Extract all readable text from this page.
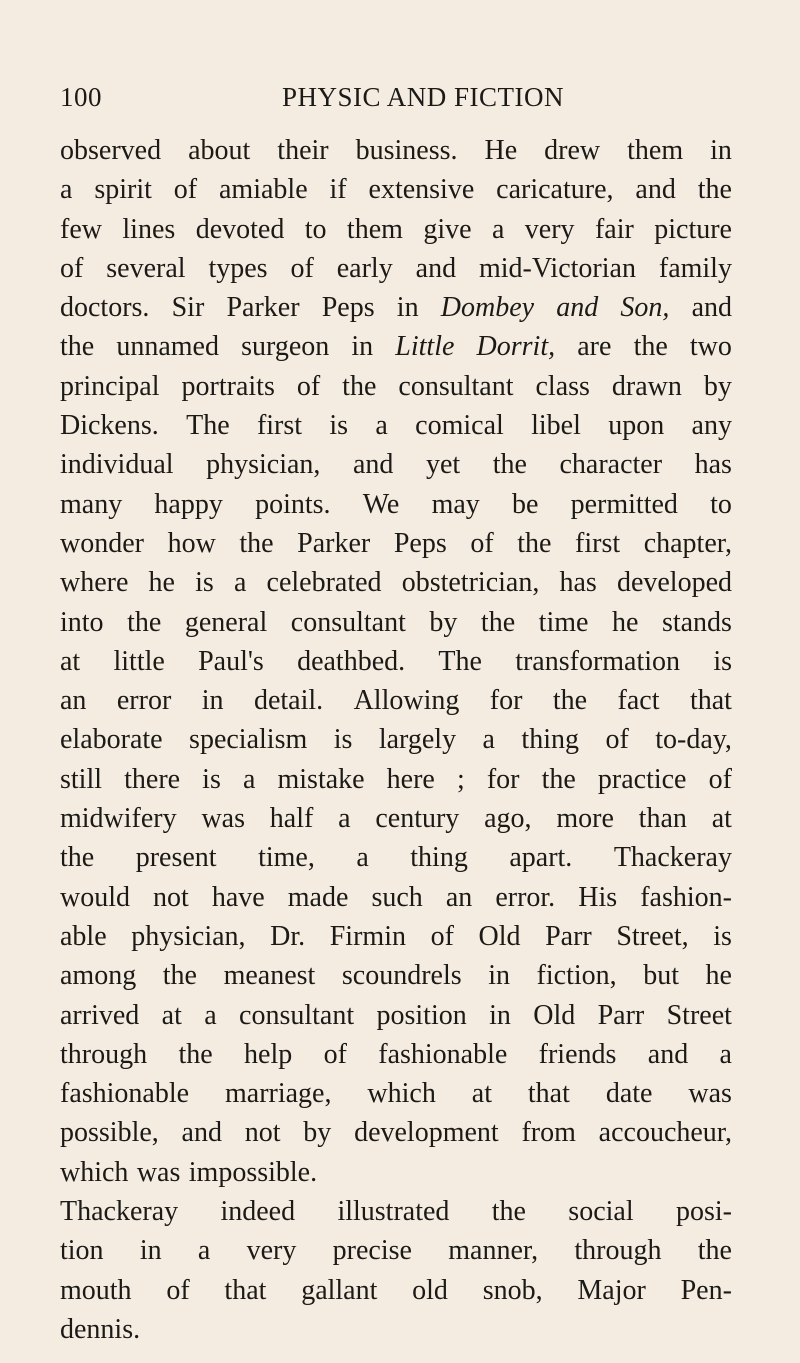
100	PHYSIC AND FICTION
observed about their business. He drew them in
a spirit of amiable if extensive caricature, and the
few lines devoted to them give a very fair picture
of several types of early and mid-Victorian family
doctors. Sir Parker Peps in Dombey and Son, and
the unnamed surgeon in Little Dorrit, are the two
principal portraits of the consultant class drawn by
Dickens. The first is a comical libel upon any
individual physician, and yet the character has
many happy points. We may be permitted to
wonder how the Parker Peps of the first chapter,
where he is a celebrated obstetrician, has developed
into the general consultant by the time he stands
at little Paul's deathbed. The transformation is
an error in detail. Allowing for the fact that
elaborate specialism is largely a thing of to-day,
still there is a mistake here ; for the practice of
midwifery was half a century ago, more than at
the present time, a thing apart. Thackeray
would not have made such an error. His fashion-
able physician, Dr. Firmin of Old Parr Street, is
among the meanest scoundrels in fiction, but he
arrived at a consultant position in Old Parr Street
through the help of fashionable friends and a
fashionable marriage, which at that date was
possible, and not by development from accoucheur,
which was impossible.
Thackeray indeed illustrated the social posi-
tion in a very precise manner, through the
mouth of that gallant old snob, Major Pen-
dennis.
